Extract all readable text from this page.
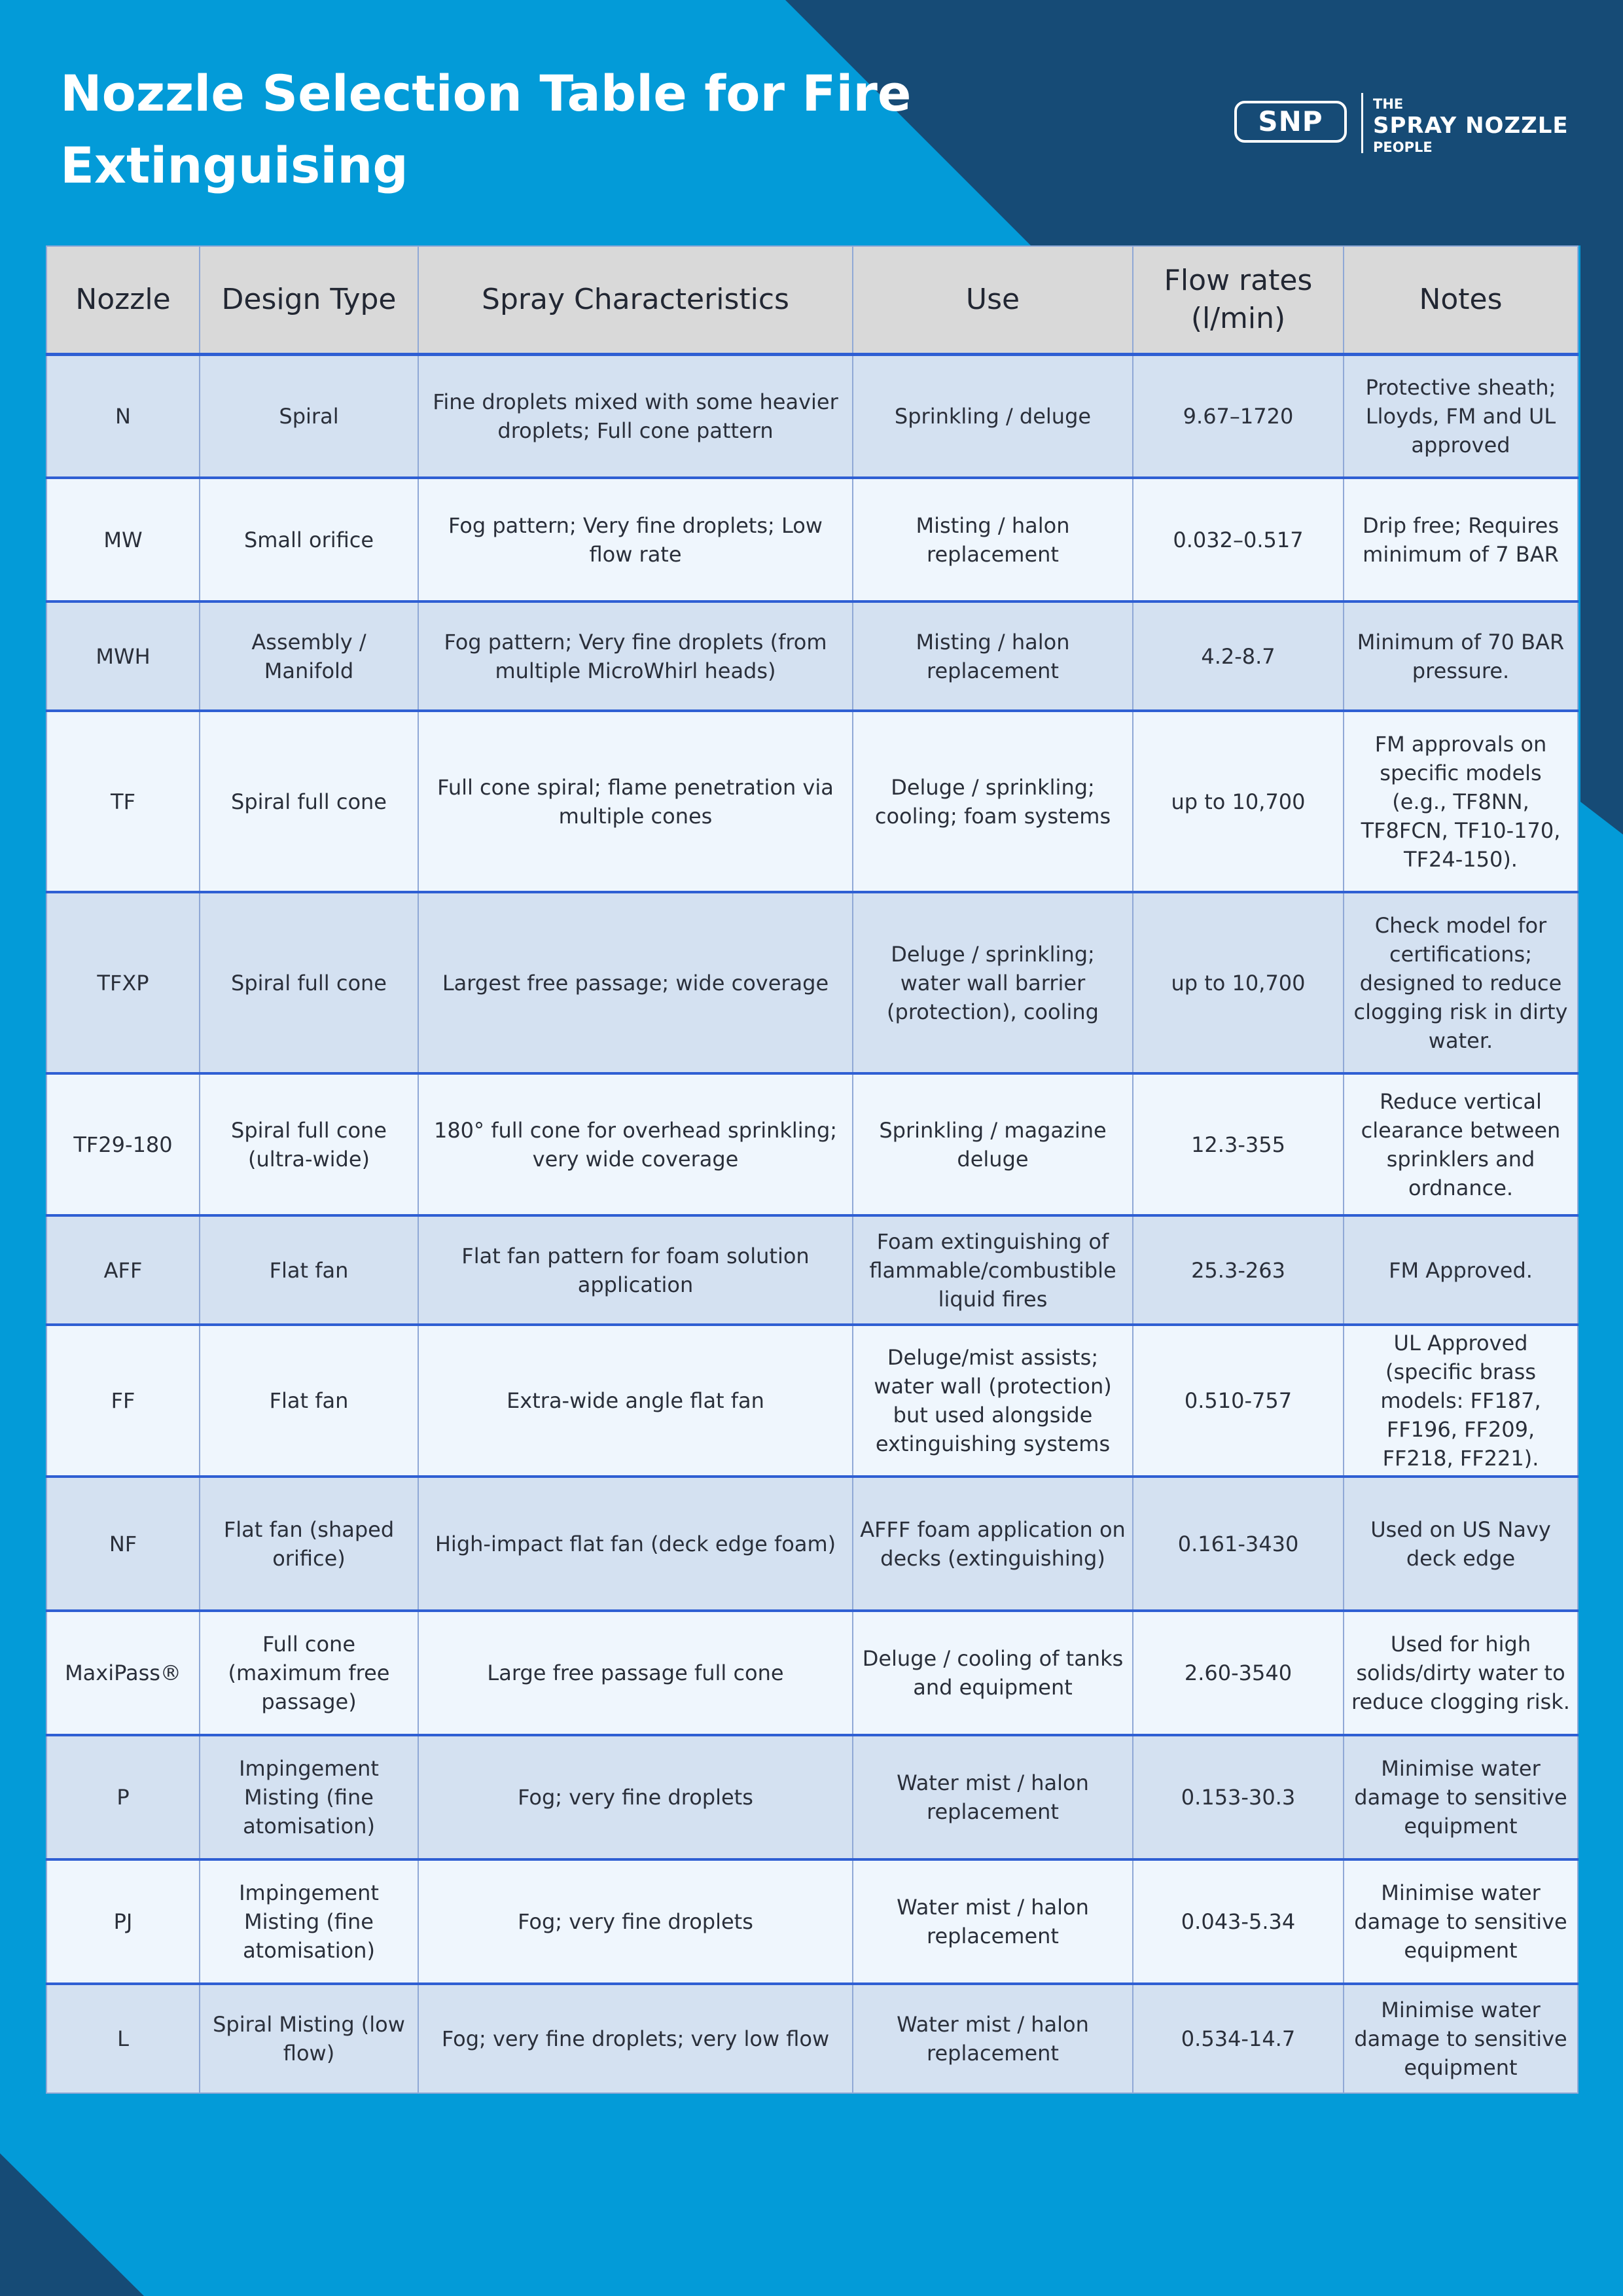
Nozzle Selection Table for Fire
Extinguising
SNP
THE
SPRAY NOZZLE
PEOPLE
Nozzle	Design Type	Spray Characteristics	Use	Flow rates (l/min)	Notes
N	Spiral	Fine droplets mixed with some heavier droplets; Full cone pattern	Sprinkling / deluge	9.67–1720	Protective sheath; Lloyds, FM and UL approved
MW	Small orifice	Fog pattern; Very fine droplets; Low flow rate	Misting / halon replacement	0.032–0.517	Drip free; Requires minimum of 7 BAR
MWH	Assembly / Manifold	Fog pattern; Very fine droplets (from multiple MicroWhirl heads)	Misting / halon replacement	4.2-8.7	Minimum of 70 BAR pressure.
TF	Spiral full cone	Full cone spiral; flame penetration via multiple cones	Deluge / sprinkling; cooling; foam systems	up to 10,700	FM approvals on specific models (e.g., TF8NN, TF8FCN, TF10-170, TF24-150).
TFXP	Spiral full cone	Largest free passage; wide coverage	Deluge / sprinkling; water wall barrier (protection), cooling	up to 10,700	Check model for certifications; designed to reduce clogging risk in dirty water.
TF29-180	Spiral full cone (ultra-wide)	180° full cone for overhead sprinkling; very wide coverage	Sprinkling / magazine deluge	12.3-355	Reduce vertical clearance between sprinklers and ordnance.
AFF	Flat fan	Flat fan pattern for foam solution application	Foam extinguishing of flammable/combustible liquid fires	25.3-263	FM Approved.
FF	Flat fan	Extra-wide angle flat fan	Deluge/mist assists; water wall (protection) but used alongside extinguishing systems	0.510-757	UL Approved (specific brass models: FF187, FF196, FF209, FF218, FF221).
NF	Flat fan (shaped orifice)	High-impact flat fan (deck edge foam)	AFFF foam application on decks (extinguishing)	0.161-3430	Used on US Navy deck edge
MaxiPass®	Full cone (maximum free passage)	Large free passage full cone	Deluge / cooling of tanks and equipment	2.60-3540	Used for high solids/dirty water to reduce clogging risk.
P	Impingement Misting (fine atomisation)	Fog; very fine droplets	Water mist / halon replacement	0.153-30.3	Minimise water damage to sensitive equipment
PJ	Impingement Misting (fine atomisation)	Fog; very fine droplets	Water mist / halon replacement	0.043-5.34	Minimise water damage to sensitive equipment
L	Spiral Misting (low flow)	Fog; very fine droplets; very low flow	Water mist / halon replacement	0.534-14.7	Minimise water damage to sensitive equipment
